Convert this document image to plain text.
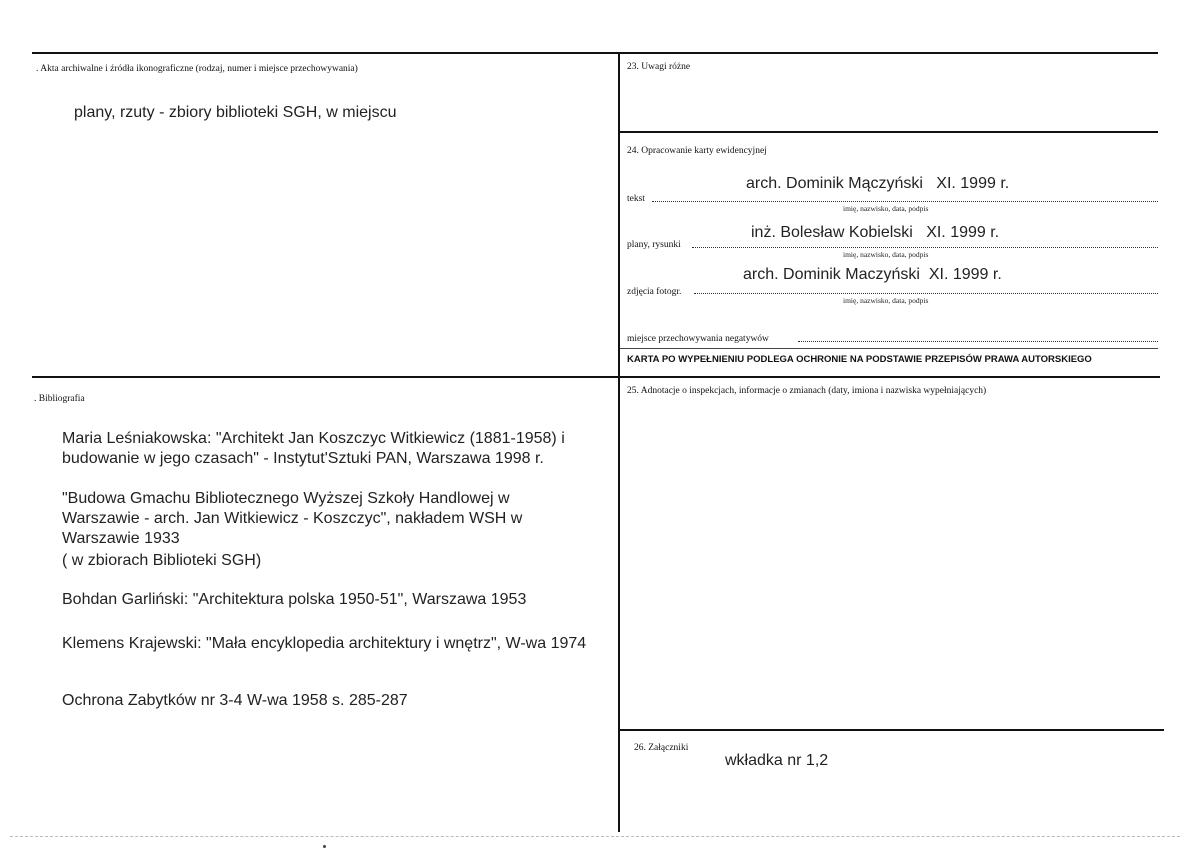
. Akta archiwalne i źródła ikonograficzne (rodzaj, numer i miejsce przechowywania)
plany, rzuty - zbiory biblioteki SGH, w miejscu
23. Uwagi różne
24. Opracowanie karty ewidencyjnej
arch. Dominik Mączyński   XI. 1999 r.
tekst
imię, nazwisko, data, podpis
inż. Bolesław Kobielski   XI. 1999 r.
plany, rysunki
imię, nazwisko, data, podpis
arch. Dominik Maczyński  XI. 1999 r.
zdjęcia fotogr.
imię, nazwisko, data, podpis
miejsce przechowywania negatywów
KARTA PO WYPEŁNIENIU PODLEGA OCHRONIE NA PODSTAWIE PRZEPISÓW PRAWA AUTORSKIEGO
. Bibliografia
Maria Leśniakowska: "Architekt Jan Koszczyc Witkiewicz (1881-1958) i budowanie w jego czasach" - Instytut'Sztuki PAN, Warszawa 1998 r.
"Budowa Gmachu Bibliotecznego Wyższej Szkoły Handlowej w Warszawie - arch. Jan Witkiewicz - Koszczyc", nakładem WSH w Warszawie 1933
( w zbiorach Biblioteki SGH)
Bohdan Garliński: "Architektura polska 1950-51", Warszawa 1953
Klemens Krajewski: "Mała encyklopedia architektury i wnętrz", W-wa 1974
Ochrona Zabytków nr 3-4 W-wa 1958 s. 285-287
25. Adnotacje o inspekcjach, informacje o zmianach (daty, imiona i nazwiska wypełniających)
26. Załączniki
wkładka nr 1,2
